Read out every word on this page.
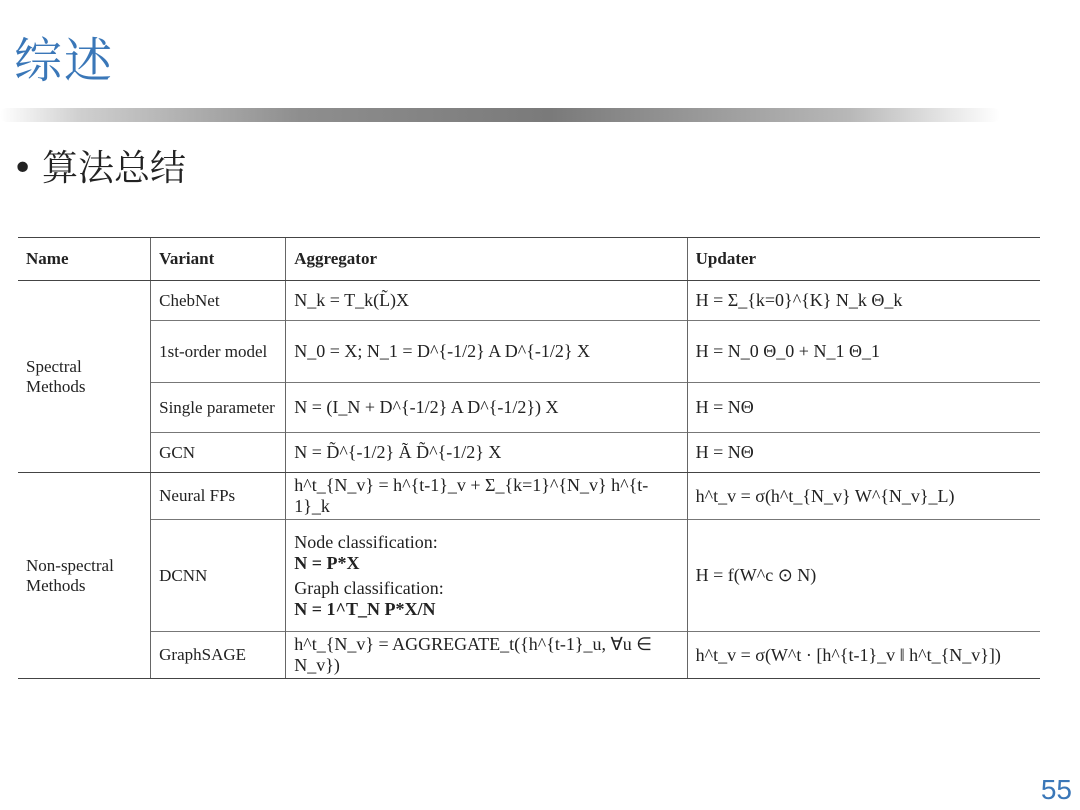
综述
• 算法总结
Name	Variant	Aggregator	Updater
Spectral Methods	ChebNet	N_k = T_k(L̃)X	H = Σ_{k=0}^{K} N_k Θ_k
	1st-order model	N_0 = X; N_1 = D^{-1/2} A D^{-1/2} X	H = N_0 Θ_0 + N_1 Θ_1
	Single parameter	N = (I_N + D^{-1/2} A D^{-1/2}) X	H = NΘ
	GCN	N = D̃^{-1/2} Ã D̃^{-1/2} X	H = NΘ
Non-spectral Methods	Neural FPs	h^t_{N_v} = h^{t-1}_v + Σ_{k=1}^{N_v} h^{t-1}_k	h^t_v = σ(h^t_{N_v} W^{N_v}_L)
	DCNN	Node classification:
N = P*X
Graph classification:
N = 1^T_N P*X/N	H = f(W^c ⊙ N)
	GraphSAGE	h^t_{N_v} = AGGREGATE_t({h^{t-1}_u, ∀u ∈ N_v})	h^t_v = σ(W^t · [h^{t-1}_v ‖ h^t_{N_v}])
55
